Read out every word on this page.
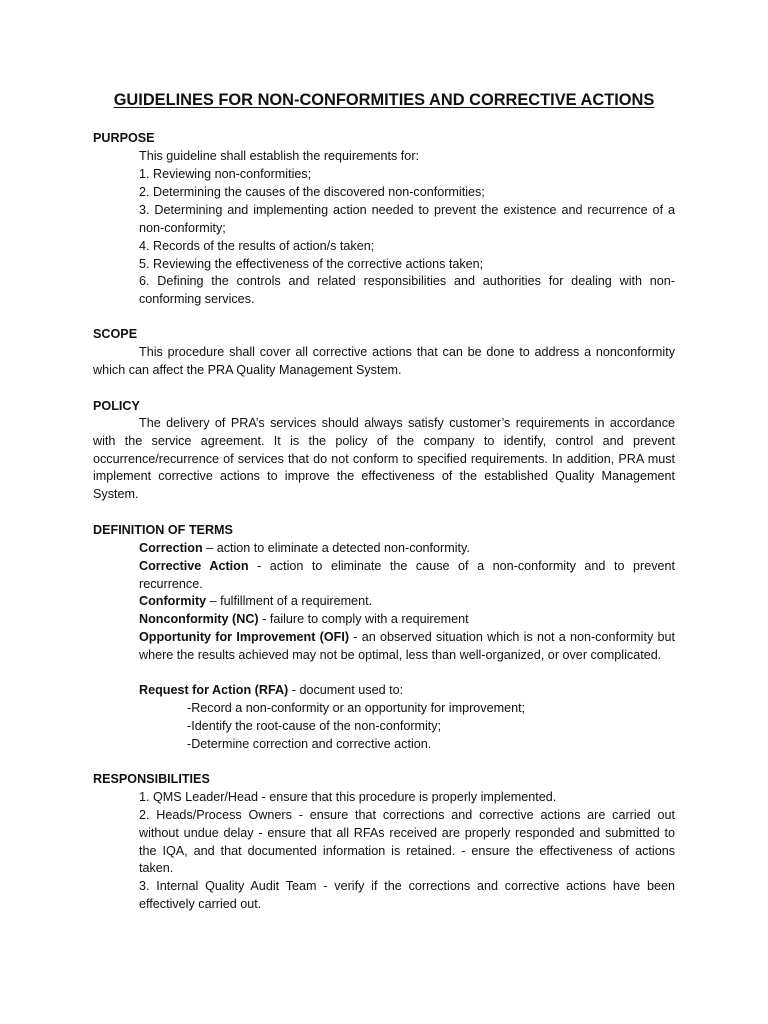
GUIDELINES FOR NON-CONFORMITIES AND CORRECTIVE ACTIONS
PURPOSE
This guideline shall establish the requirements for:
1. Reviewing non-conformities;
2. Determining the causes of the discovered non-conformities;
3. Determining and implementing action needed to prevent the existence and recurrence of a non-conformity;
4. Records of the results of action/s taken;
5. Reviewing the effectiveness of the corrective actions taken;
6. Defining the controls and related responsibilities and authorities for dealing with non-conforming services.
SCOPE
This procedure shall cover all corrective actions that can be done to address a nonconformity which can affect the PRA Quality Management System.
POLICY
The delivery of PRA’s services should always satisfy customer’s requirements in accordance with the service agreement. It is the policy of the company to identify, control and prevent occurrence/recurrence of services that do not conform to specified requirements. In addition, PRA must implement corrective actions to improve the effectiveness of the established Quality Management System.
DEFINITION OF TERMS
Correction – action to eliminate a detected non-conformity.
Corrective Action - action to eliminate the cause of a non-conformity and to prevent recurrence.
Conformity – fulfillment of a requirement.
Nonconformity (NC) - failure to comply with a requirement
Opportunity for Improvement (OFI) - an observed situation which is not a non-conformity but where the results achieved may not be optimal, less than well-organized, or over complicated.
Request for Action (RFA) - document used to:
-Record a non-conformity or an opportunity for improvement;
-Identify the root-cause of the non-conformity;
-Determine correction and corrective action.
RESPONSIBILITIES
1. QMS Leader/Head - ensure that this procedure is properly implemented.
2. Heads/Process Owners - ensure that corrections and corrective actions are carried out without undue delay - ensure that all RFAs received are properly responded and submitted to the IQA, and that documented information is retained. - ensure the effectiveness of actions taken.
3. Internal Quality Audit Team - verify if the corrections and corrective actions have been effectively carried out.
